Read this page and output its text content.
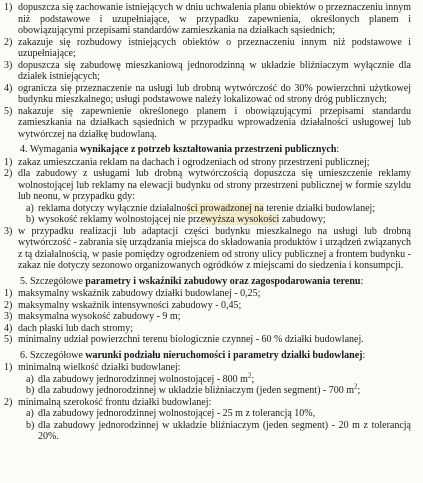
1) dopuszcza się zachowanie istniejących w dniu uchwalenia planu obiektów o przeznaczeniu innym niż podstawowe i uzupełniające, w przypadku zapewnienia, określonych planem i obowiązującymi przepisami standardów zamieszkania na działkach sąsiednich;
2) zakazuje się rozbudowy istniejących obiektów o przeznaczeniu innym niż podstawowe i uzupełniające;
3) dopuszcza się zabudowę mieszkaniową jednorodzinną w układzie bliźniaczym wyłącznie dla działek istniejących;
4) ogranicza się przeznaczenie na usługi lub drobną wytwórczość do 30% powierzchni użytkowej budynku mieszkalnego; usługi podstawowe należy lokalizować od strony dróg publicznych;
5) nakazuje się zapewnienie określonego planem i obowiązującymi przepisami standardu zamieszkania na działkach sąsiednich w przypadku wprowadzenia działalności usługowej lub wytwórczej na działkę budowlaną.
4. Wymagania wynikające z potrzeb kształtowania przestrzeni publicznych:
1) zakaz umieszczania reklam na dachach i ogrodzeniach od strony przestrzeni publicznej;
2) dla zabudowy z usługami lub drobną wytwórczością dopuszcza się umieszczenie reklamy wolnostojącej lub reklamy na elewacji budynku od strony przestrzeni publicznej w formie szyldu lub neonu, w przypadku gdy:
a) reklama dotyczy wyłącznie działalności prowadzonej na terenie działki budowlanej;
b) wysokość reklamy wolnostojącej nie przewyższa wysokości zabudowy;
3) w przypadku realizacji lub adaptacji części budynku mieszkalnego na usługi lub drobną wytwórczość - zabrania się urządzania miejsca do składowania produktów i urządzeń związanych z tą działalnością, w pasie pomiędzy ogrodzeniem od strony ulicy publicznej a frontem budynku - zakaz nie dotyczy sezonowo organizowanych ogródków z miejscami do siedzenia i konsumpcji.
5. Szczegółowe parametry i wskaźniki zabudowy oraz zagospodarowania terenu:
1) maksymalny wskaźnik zabudowy działki budowlanej - 0,25;
2) maksymalny wskaźnik intensywności zabudowy - 0,45;
3) maksymalna wysokość zabudowy - 9 m;
4) dach płaski lub dach stromy;
5) minimalny udział powierzchni terenu biologicznie czynnej - 60 % działki budowlanej.
6. Szczegółowe warunki podziału nieruchomości i parametry działki budowlanej:
1) minimalną wielkość działki budowlanej:
a) dla zabudowy jednorodzinnej wolnostojącej - 800 $m^2$;
b) dla zabudowy jednorodzinnej w układzie bliźniaczym (jeden segment) - 700 $m^2$;
2) minimalną szerokość frontu działki budowlanej:
a) dla zabudowy jednorodzinnej wolnostojącej - 25 m z tolerancją 10%,
b) dla zabudowy jednorodzinnej w układzie bliźniaczym (jeden segment) - 20 m z tolerancją 20%.
